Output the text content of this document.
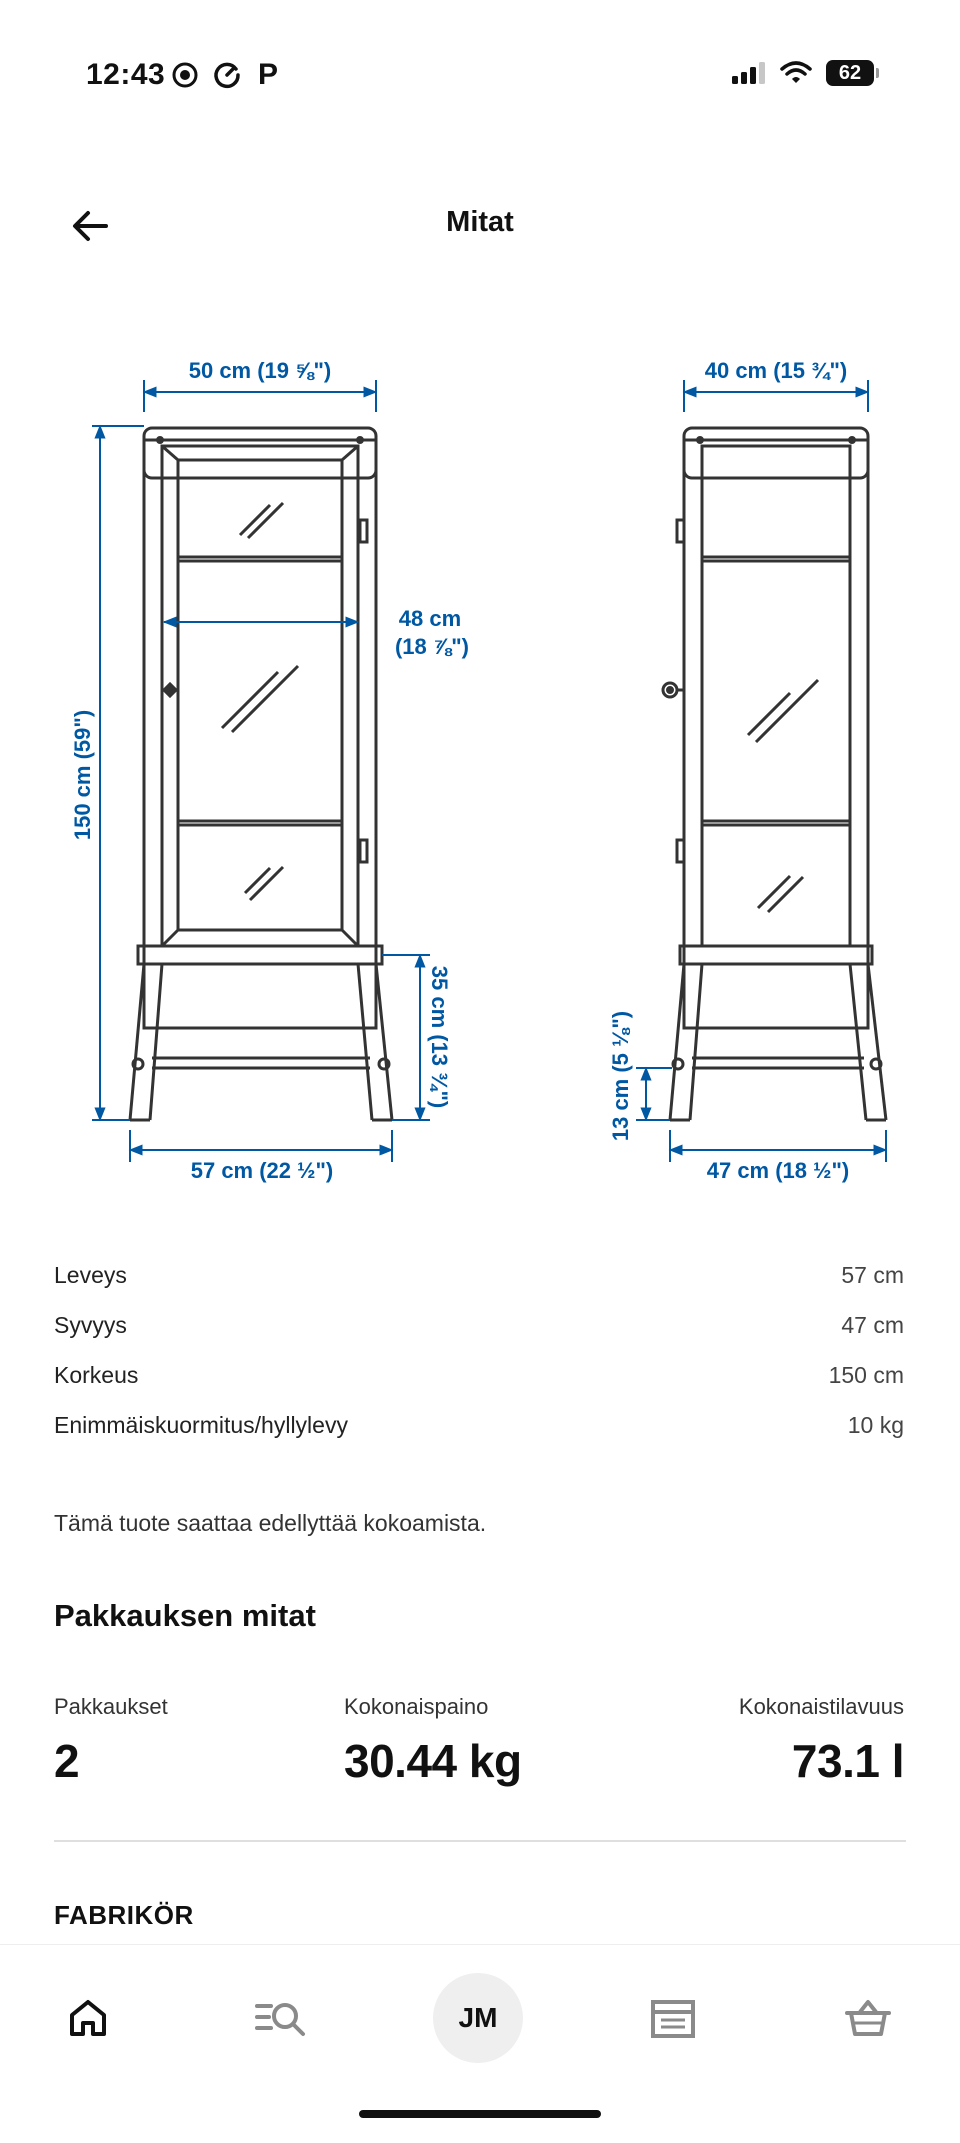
12:43	P	62
Mitat
50 cm (19 ⅝")
48 cm
(18 ⅞")
150 cm (59")
35 cm (13 ¾")
57 cm (22 ½")
40 cm (15 ¾")
13 cm (5 ⅛")
47 cm (18 ½")
Leveys	57 cm
Syvyys	47 cm
Korkeus	150 cm
Enimmäiskuormitus/hyllylevy	10 kg
Tämä tuote saattaa edellyttää kokoamista.
Pakkauksen mitat
Pakkaukset
2
Kokonaispaino
30.44 kg
Kokonaistilavuus
73.1 l
FABRIKÖR
JM
